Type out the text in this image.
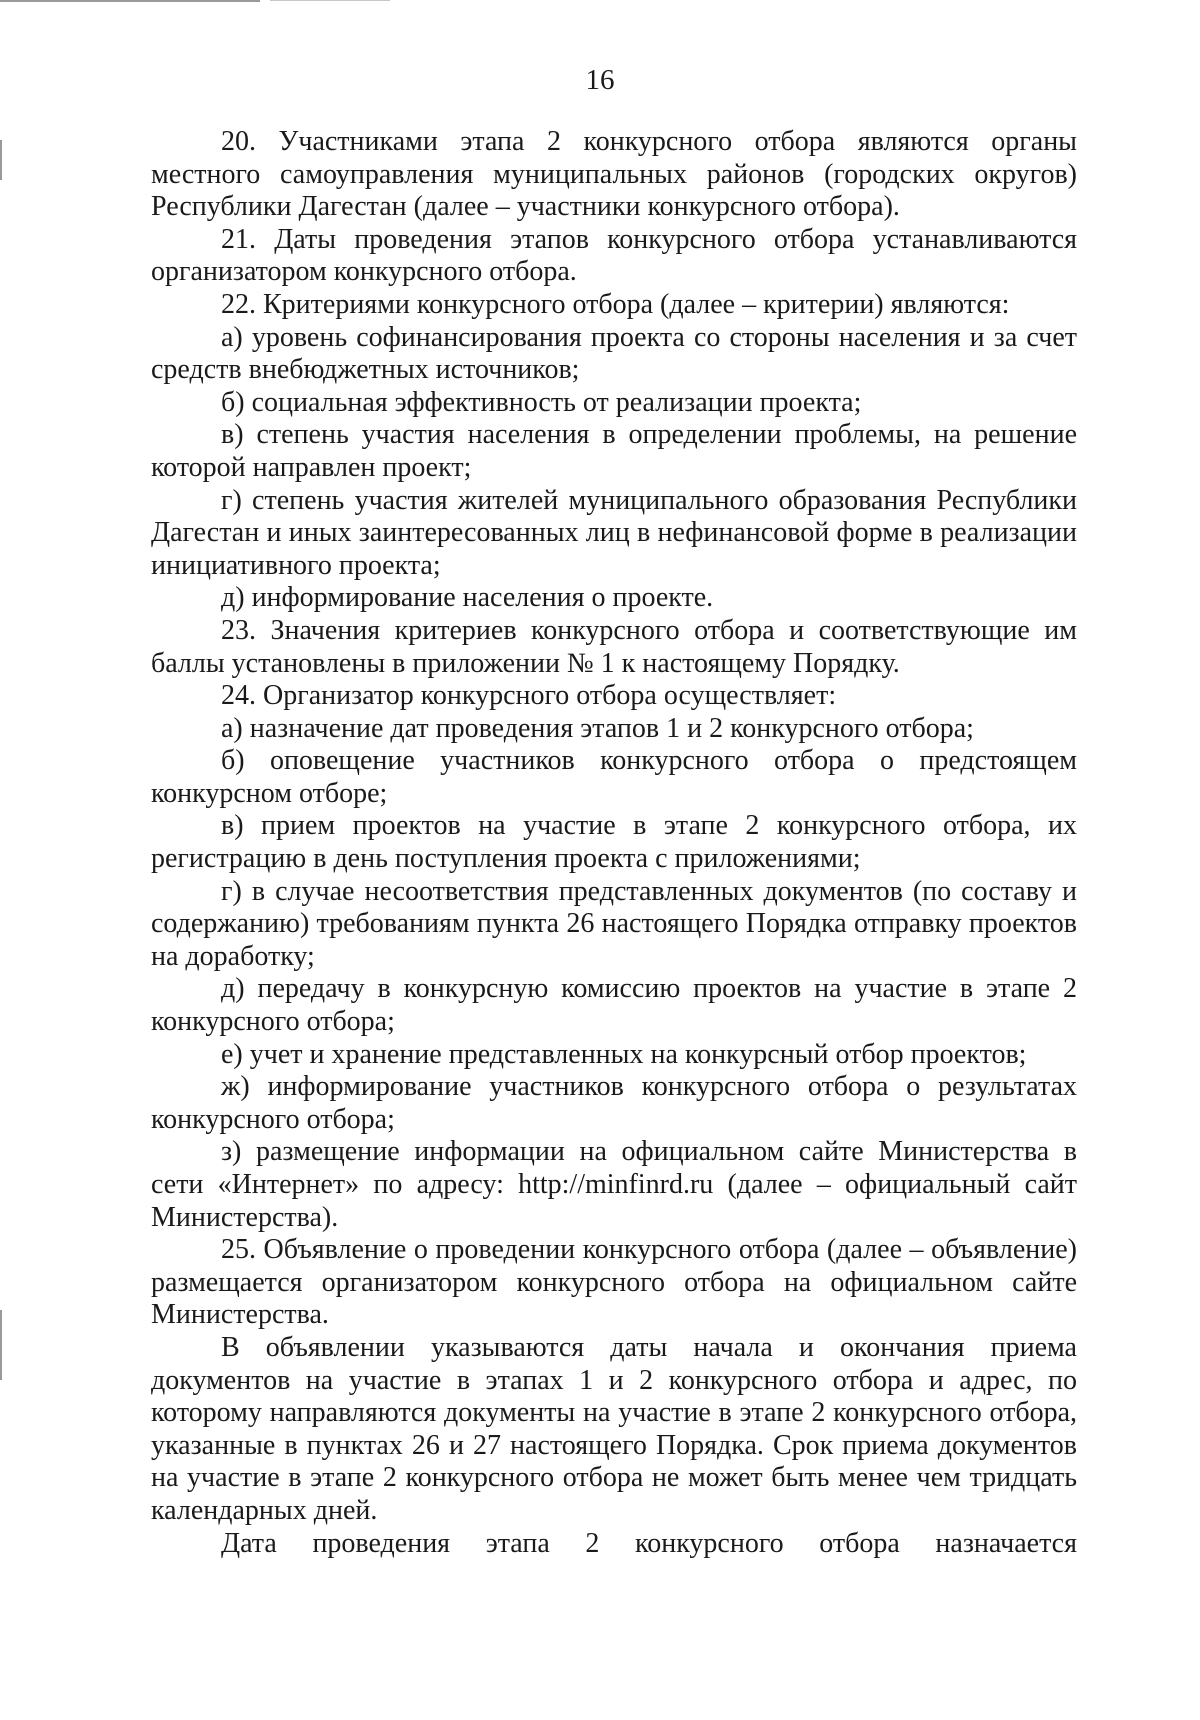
16

20. Участниками этапа 2 конкурсного отбора являются органы местного самоуправления муниципальных районов (городских округов) Республики Дагестан (далее – участники конкурсного отбора).

21. Даты проведения этапов конкурсного отбора устанавливаются организатором конкурсного отбора.

22. Критериями конкурсного отбора (далее – критерии) являются:

а) уровень софинансирования проекта со стороны населения и за счет средств внебюджетных источников;

б) социальная эффективность от реализации проекта;

в) степень участия населения в определении проблемы, на решение которой направлен проект;

г) степень участия жителей муниципального образования Республики Дагестан и иных заинтересованных лиц в нефинансовой форме в реализации инициативного проекта;

д) информирование населения о проекте.

23. Значения критериев конкурсного отбора и соответствующие им баллы установлены в приложении № 1 к настоящему Порядку.

24. Организатор конкурсного отбора осуществляет:

а) назначение дат проведения этапов 1 и 2 конкурсного отбора;

б) оповещение участников конкурсного отбора о предстоящем конкурсном отборе;

в) прием проектов на участие в этапе 2 конкурсного отбора, их регистрацию в день поступления проекта с приложениями;

г) в случае несоответствия представленных документов (по составу и содержанию) требованиям пункта 26 настоящего Порядка отправку проектов на доработку;

д) передачу в конкурсную комиссию проектов на участие в этапе 2 конкурсного отбора;

е) учет и хранение представленных на конкурсный отбор проектов;

ж) информирование участников конкурсного отбора о результатах конкурсного отбора;

з) размещение информации на официальном сайте Министерства в сети «Интернет» по адресу: http://minfinrd.ru (далее – официальный сайт Министерства).

25. Объявление о проведении конкурсного отбора (далее – объявление) размещается организатором конкурсного отбора на официальном сайте Министерства.

В объявлении указываются даты начала и окончания приема документов на участие в этапах 1 и 2 конкурсного отбора и адрес, по которому направляются документы на участие в этапе 2 конкурсного отбора, указанные в пунктах 26 и 27 настоящего Порядка. Срок приема документов на участие в этапе 2 конкурсного отбора не может быть менее чем тридцать календарных дней.

Дата проведения этапа 2 конкурсного отбора назначается
